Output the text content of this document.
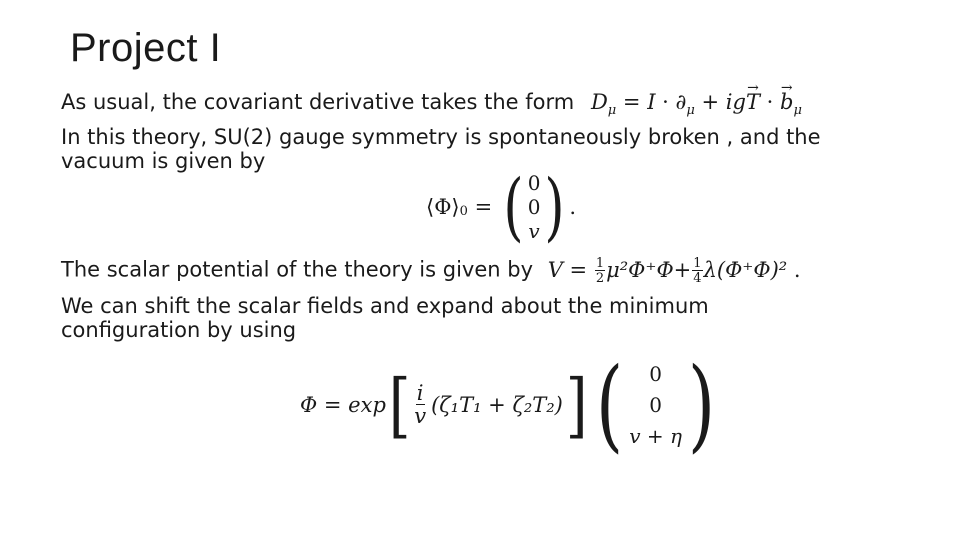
Project I
As usual, the covariant derivative takes the form $D_\mu = I \cdot \partial_\mu + ig\to T$ · → $b_\mu$
In this theory, SU(2) gauge symmetry is spontaneously broken , and the
vacuum is given by
$⟨\Phi⟩_0$ = ( 0
0
v ) .
The scalar potential of the theory is given by $V = \frac{1}{2} \mu^2\Phi^+\Phi+ \frac{1}{4} \lambda(\Phi^+\Phi)^2$ .
We can shift the scalar fields and expand about the minimum
configuration by using
Φ = exp [ $\frac{i}{v} (\zeta_1T_1 + \zeta_2T_2)$ ] ( 0
0
v + η )
